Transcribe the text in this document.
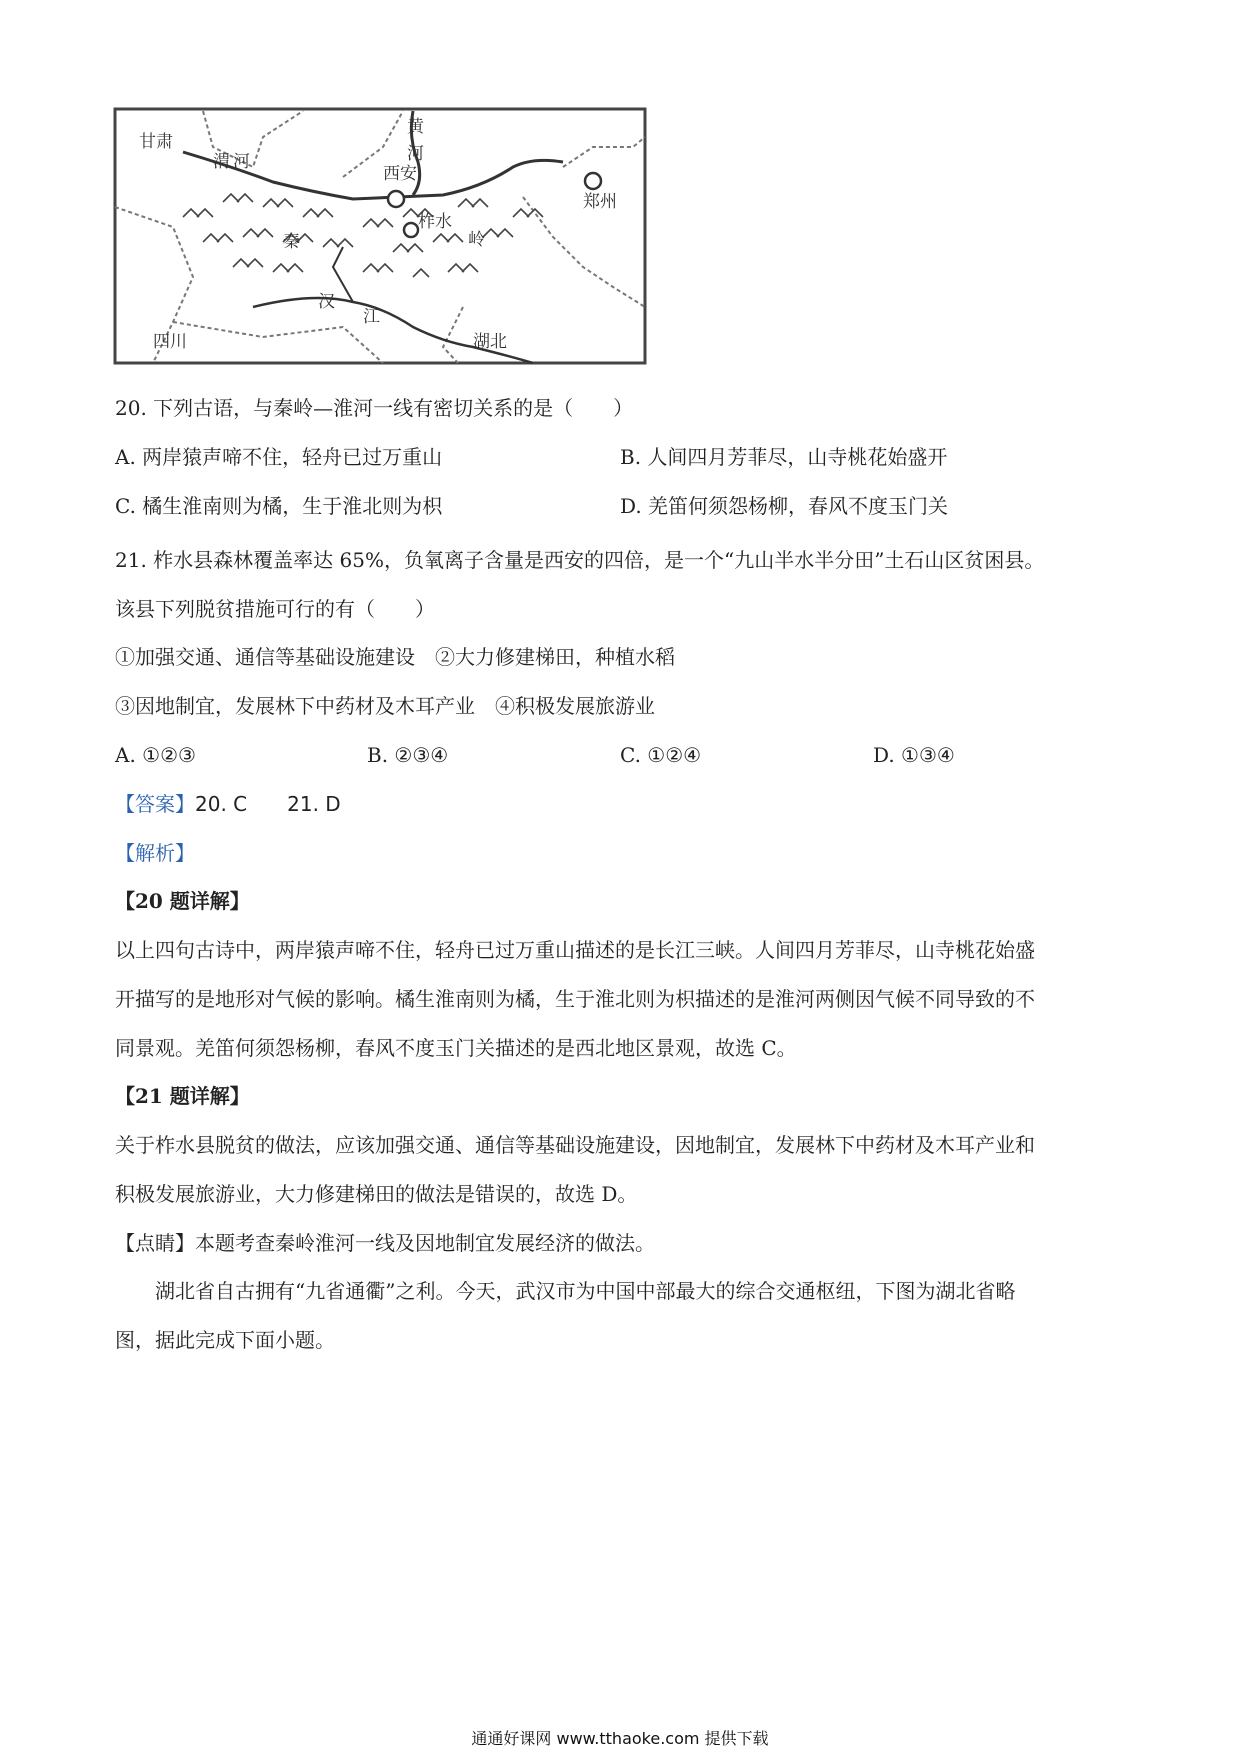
甘肃
西安
郑州
四川	湖北
渭 河
秦	岭
黄
河
柞水
汉
江
20. 下列古语，与秦岭—淮河一线有密切关系的是（　　）
A. 两岸猿声啼不住，轻舟已过万重山	B. 人间四月芳菲尽，山寺桃花始盛开
C. 橘生淮南则为橘，生于淮北则为枳	D. 羌笛何须怨杨柳，春风不度玉门关
21. 柞水县森林覆盖率达 65%，负氧离子含量是西安的四倍，是一个“九山半水半分田”土石山区贫困县。
该县下列脱贫措施可行的有（　　）
①加强交通、通信等基础设施建设　②大力修建梯田，种植水稻
③因地制宜，发展林下中药材及木耳产业　④积极发展旅游业
A. ①②③	B. ②③④	C. ①②④	D. ①③④
【答案】20. C　　21. D
【解析】
【20 题详解】
以上四句古诗中，两岸猿声啼不住，轻舟已过万重山描述的是长江三峡。人间四月芳菲尽，山寺桃花始盛
开描写的是地形对气候的影响。橘生淮南则为橘，生于淮北则为枳描述的是淮河两侧因气候不同导致的不
同景观。羌笛何须怨杨柳，春风不度玉门关描述的是西北地区景观，故选 C。
【21 题详解】
关于柞水县脱贫的做法，应该加强交通、通信等基础设施建设，因地制宜，发展林下中药材及木耳产业和
积极发展旅游业，大力修建梯田的做法是错误的，故选 D。
【点睛】本题考查秦岭淮河一线及因地制宜发展经济的做法。
　　湖北省自古拥有“九省通衢”之利。今天，武汉市为中国中部最大的综合交通枢纽，下图为湖北省略
图，据此完成下面小题。
通通好课网 www.tthaoke.com 提供下载
